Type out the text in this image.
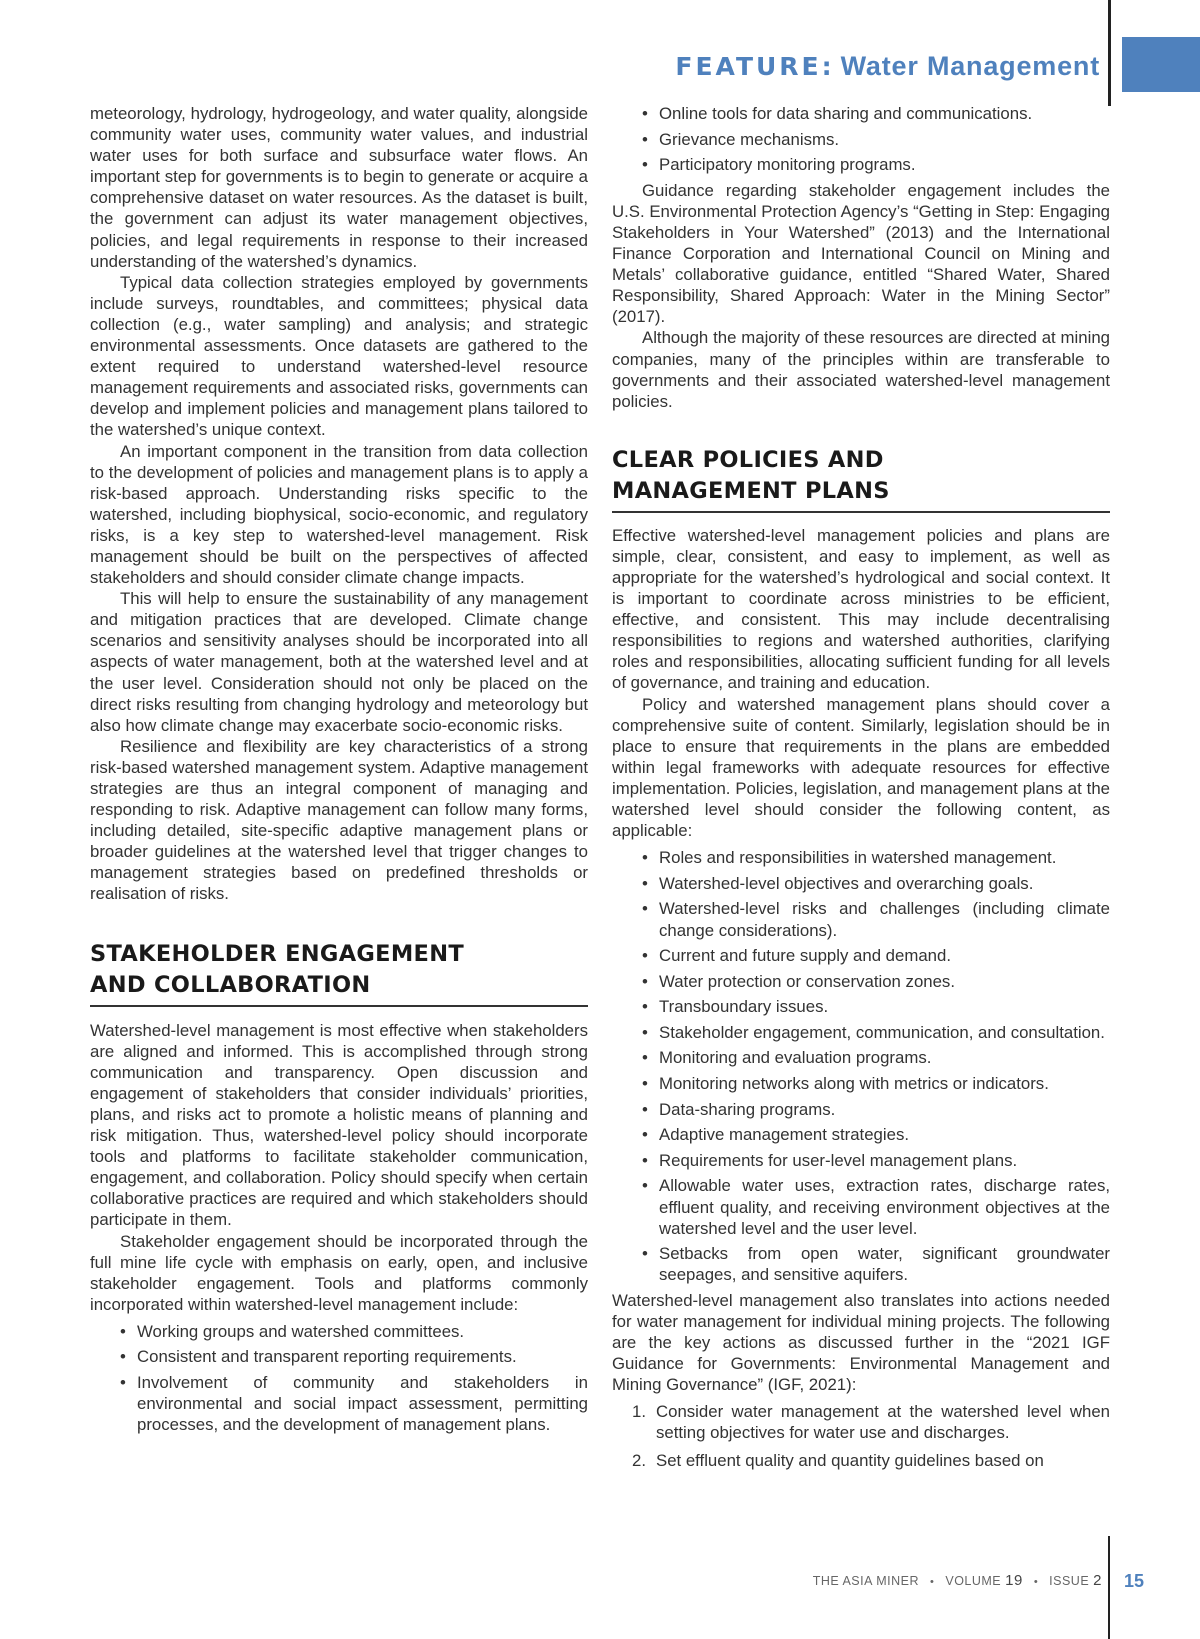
FEATURE: Water Management

meteorology, hydrology, hydrogeology, and water quality, alongside community water uses, community water values, and industrial water uses for both surface and subsurface water flows. An important step for governments is to begin to generate or acquire a comprehensive dataset on water resources. As the dataset is built, the government can adjust its water management objectives, policies, and legal requirements in response to their increased understanding of the watershed’s dynamics.

Typical data collection strategies employed by governments include surveys, roundtables, and committees; physical data collection (e.g., water sampling) and analysis; and strategic environmental assessments. Once datasets are gathered to the extent required to understand watershed-level resource management requirements and associated risks, governments can develop and implement policies and management plans tailored to the watershed’s unique context.

An important component in the transition from data collection to the development of policies and management plans is to apply a risk-based approach. Understanding risks specific to the watershed, including biophysical, socio-economic, and regulatory risks, is a key step to watershed-level management. Risk management should be built on the perspectives of affected stakeholders and should consider climate change impacts.

This will help to ensure the sustainability of any management and mitigation practices that are developed. Climate change scenarios and sensitivity analyses should be incorporated into all aspects of water management, both at the watershed level and at the user level. Consideration should not only be placed on the direct risks resulting from changing hydrology and meteorology but also how climate change may exacerbate socio-economic risks.

Resilience and flexibility are key characteristics of a strong risk-based watershed management system. Adaptive management strategies are thus an integral component of managing and responding to risk. Adaptive management can follow many forms, including detailed, site-specific adaptive management plans or broader guidelines at the watershed level that trigger changes to management strategies based on predefined thresholds or realisation of risks.

STAKEHOLDER ENGAGEMENT
AND COLLABORATION

Watershed-level management is most effective when stakeholders are aligned and informed. This is accomplished through strong communication and transparency. Open discussion and engagement of stakeholders that consider individuals’ priorities, plans, and risks act to promote a holistic means of planning and risk mitigation. Thus, watershed-level policy should incorporate tools and platforms to facilitate stakeholder communication, engagement, and collaboration. Policy should specify when certain collaborative practices are required and which stakeholders should participate in them.

Stakeholder engagement should be incorporated through the full mine life cycle with emphasis on early, open, and inclusive stakeholder engagement. Tools and platforms commonly incorporated within watershed-level management include:

• Working groups and watershed committees.
• Consistent and transparent reporting requirements.
• Involvement of community and stakeholders in environmental and social impact assessment, permitting processes, and the development of management plans.
• Online tools for data sharing and communications.
• Grievance mechanisms.
• Participatory monitoring programs.

Guidance regarding stakeholder engagement includes the U.S. Environmental Protection Agency’s “Getting in Step: Engaging Stakeholders in Your Watershed” (2013) and the International Finance Corporation and International Council on Mining and Metals’ collaborative guidance, entitled “Shared Water, Shared Responsibility, Shared Approach: Water in the Mining Sector” (2017).

Although the majority of these resources are directed at mining companies, many of the principles within are transferable to governments and their associated watershed-level management policies.

CLEAR POLICIES AND
MANAGEMENT PLANS

Effective watershed-level management policies and plans are simple, clear, consistent, and easy to implement, as well as appropriate for the watershed’s hydrological and social context. It is important to coordinate across ministries to be efficient, effective, and consistent. This may include decentralising responsibilities to regions and watershed authorities, clarifying roles and responsibilities, allocating sufficient funding for all levels of governance, and training and education.

Policy and watershed management plans should cover a comprehensive suite of content. Similarly, legislation should be in place to ensure that requirements in the plans are embedded within legal frameworks with adequate resources for effective implementation. Policies, legislation, and management plans at the watershed level should consider the following content, as applicable:

• Roles and responsibilities in watershed management.
• Watershed-level objectives and overarching goals.
• Watershed-level risks and challenges (including climate change considerations).
• Current and future supply and demand.
• Water protection or conservation zones.
• Transboundary issues.
• Stakeholder engagement, communication, and consultation.
• Monitoring and evaluation programs.
• Monitoring networks along with metrics or indicators.
• Data-sharing programs.
• Adaptive management strategies.
• Requirements for user-level management plans.
• Allowable water uses, extraction rates, discharge rates, effluent quality, and receiving environment objectives at the watershed level and the user level.
• Setbacks from open water, significant groundwater seepages, and sensitive aquifers.

Watershed-level management also translates into actions needed for water management for individual mining projects. The following are the key actions as discussed further in the “2021 IGF Guidance for Governments: Environmental Management and Mining Governance” (IGF, 2021):

1. Consider water management at the watershed level when setting objectives for water use and discharges.
2. Set effluent quality and quantity guidelines based on
THE ASIA MINER • VOLUME 19 • ISSUE 2 15
